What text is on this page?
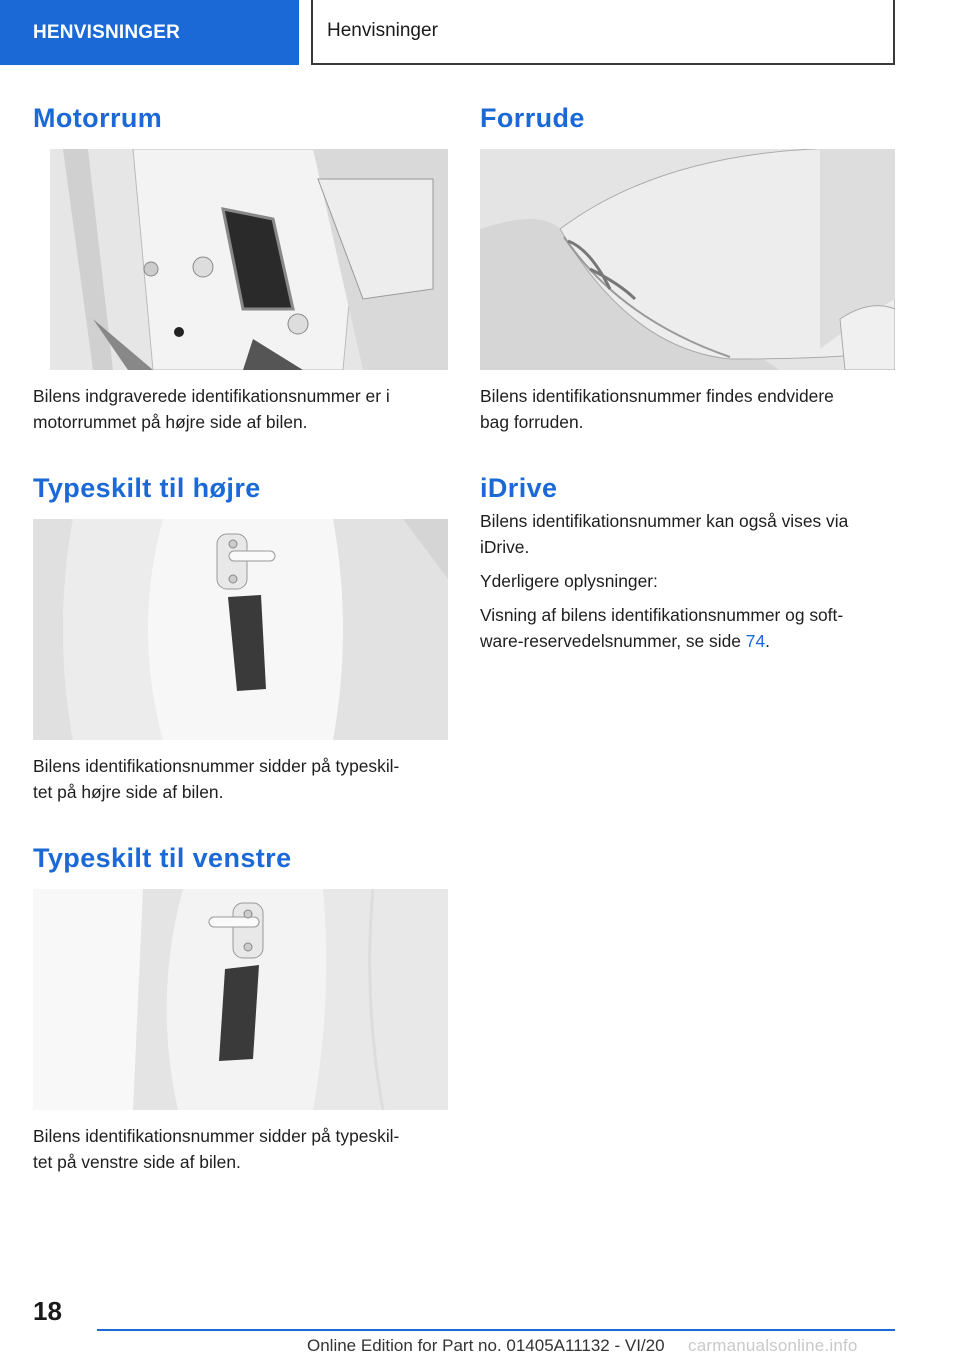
HENVISNINGER	Henvisninger
Motorrum

Bilens indgraverede identifikationsnummer er i

motorrummet på højre side af bilen.

Typeskilt til højre

Bilens identifikationsnummer sidder på typeskil-

tet på højre side af bilen.

Typeskilt til venstre

Bilens identifikationsnummer sidder på typeskil-

tet på venstre side af bilen.

Forrude

Bilens identifikationsnummer findes endvidere

bag forruden.

iDrive

Bilens identifikationsnummer kan også vises via

iDrive.

Yderligere oplysninger:

Visning af bilens identifikationsnummer og soft-

ware-reservedelsnummer, se side 74.

18
Online Edition for Part no. 01405A11132 - VI/20 carmanualsonline.info
